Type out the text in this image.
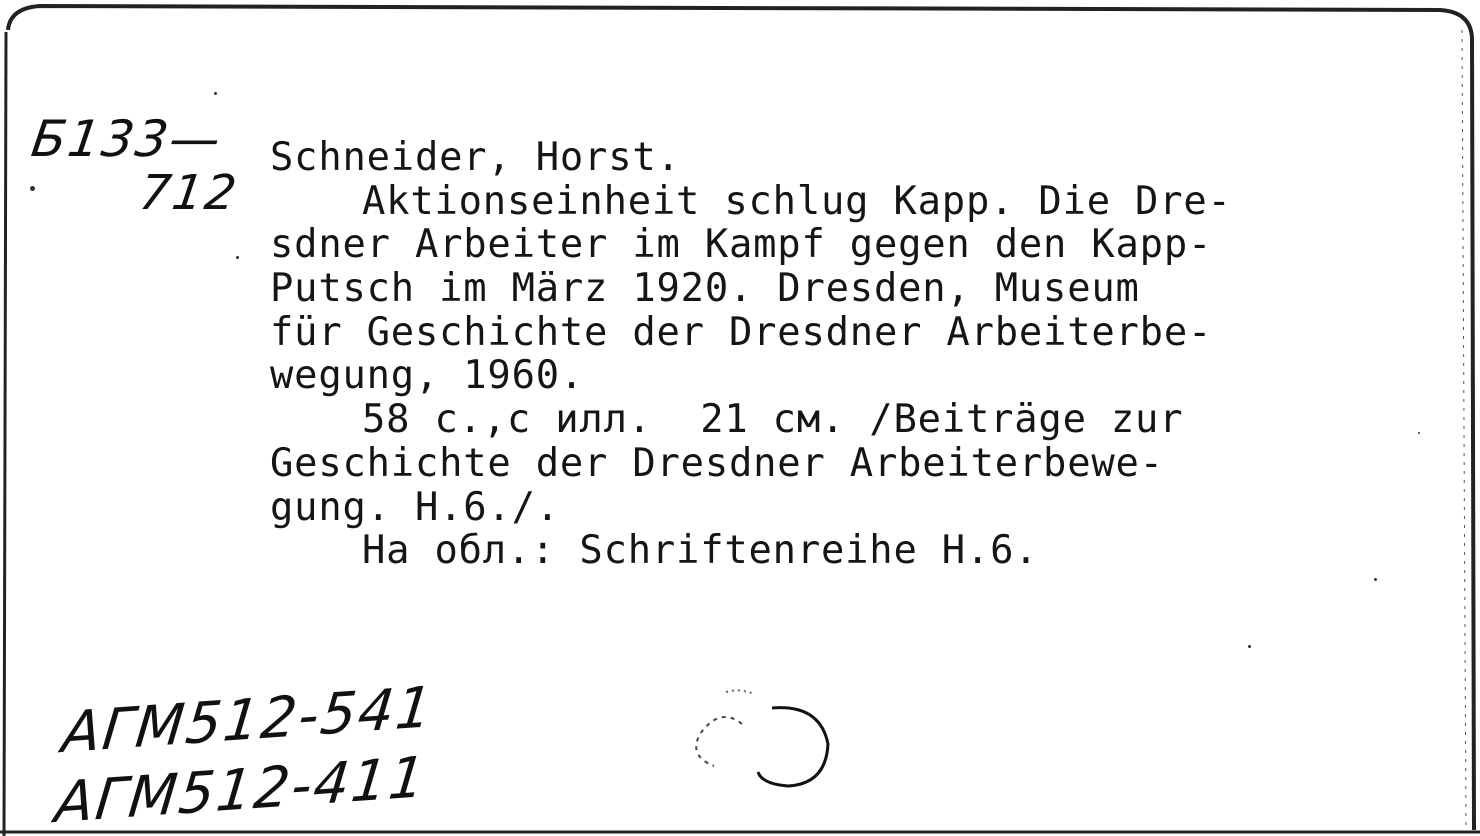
Б133—
712
Schneider, Horst.
Aktionseinheit schlug Kapp. Die Dre-
sdner Arbeiter im Kampf gegen den Kapp-
Putsch im März 1920. Dresden, Museum
für Geschichte der Dresdner Arbeiterbe-
wegung, 1960.
58 с.,с илл.  21 см. /Beiträge zur
Geschichte der Dresdner Arbeiterbewe-
gung. H.6./.
На обл.: Schriftenreihe H.6.
АГМ512-541
АГМ512-411
